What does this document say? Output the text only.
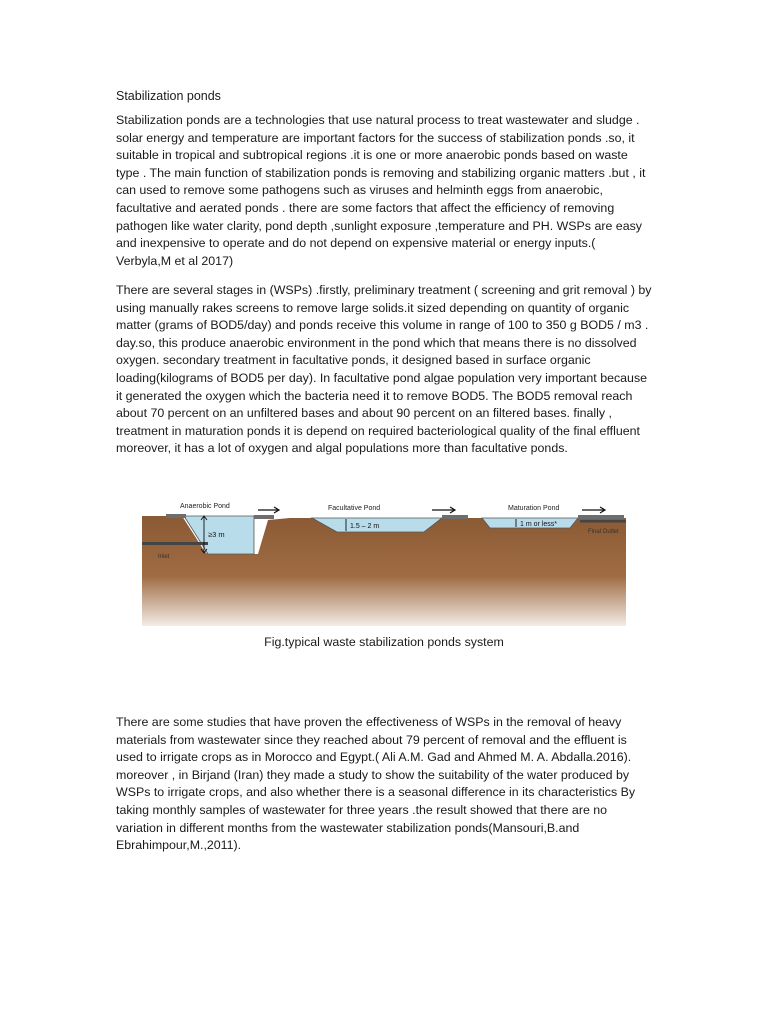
Stabilization ponds

Stabilization ponds are a technologies that use natural process to treat wastewater and sludge . solar energy and temperature are important factors for the success of stabilization ponds .so, it suitable in tropical and subtropical regions .it is one or more anaerobic ponds based on waste type . The main function of stabilization ponds is removing and stabilizing organic matters .but , it can used to remove some pathogens such as viruses and helminth eggs from anaerobic, facultative and aerated ponds . there are some factors that affect the efficiency of removing pathogen like water clarity, pond depth ,sunlight exposure ,temperature and PH. WSPs are easy and inexpensive to operate and do not depend on expensive material or energy inputs.( Verbyla,M et al 2017)

There are several stages in (WSPs) .firstly, preliminary treatment ( screening and grit removal ) by using manually rakes screens to remove large solids.it sized depending on quantity of organic matter (grams of BOD5/day) and ponds receive this volume in range of 100 to 350 g BOD5 / m3 . day.so, this produce anaerobic environment in the pond which that means there is no dissolved oxygen. secondary treatment in facultative ponds, it designed based in surface organic loading(kilograms of BOD5 per day). In facultative pond algae population very important because it generated the oxygen which the bacteria need it to remove BOD5. The BOD5 removal reach about 70 percent on an unfiltered bases and about 90 percent on an filtered bases. finally , treatment in maturation ponds it is depend on required bacteriological quality of the final effluent moreover, it has a lot of oxygen and algal populations more than facultative ponds.

Inlet
Final Outlet
Anaerobic Pond	Facultative Pond	Maturation Pond
≥3 m
1.5 – 2 m	1 m or less*
Fig.typical waste stabilization ponds system

There are some studies that have proven the effectiveness of WSPs in the removal of heavy materials from wastewater since they reached about 79 percent of removal and the effluent is used to irrigate crops as in Morocco and Egypt.( Ali A.M. Gad and Ahmed M. A. Abdalla.2016). moreover , in Birjand (Iran) they made a study to show the suitability of the water produced by WSPs to irrigate crops, and also whether there is a seasonal difference in its characteristics By taking monthly samples of wastewater for three years .the result showed that there are no variation in different months from the wastewater stabilization ponds(Mansouri,B.and Ebrahimpour,M.,2011).
